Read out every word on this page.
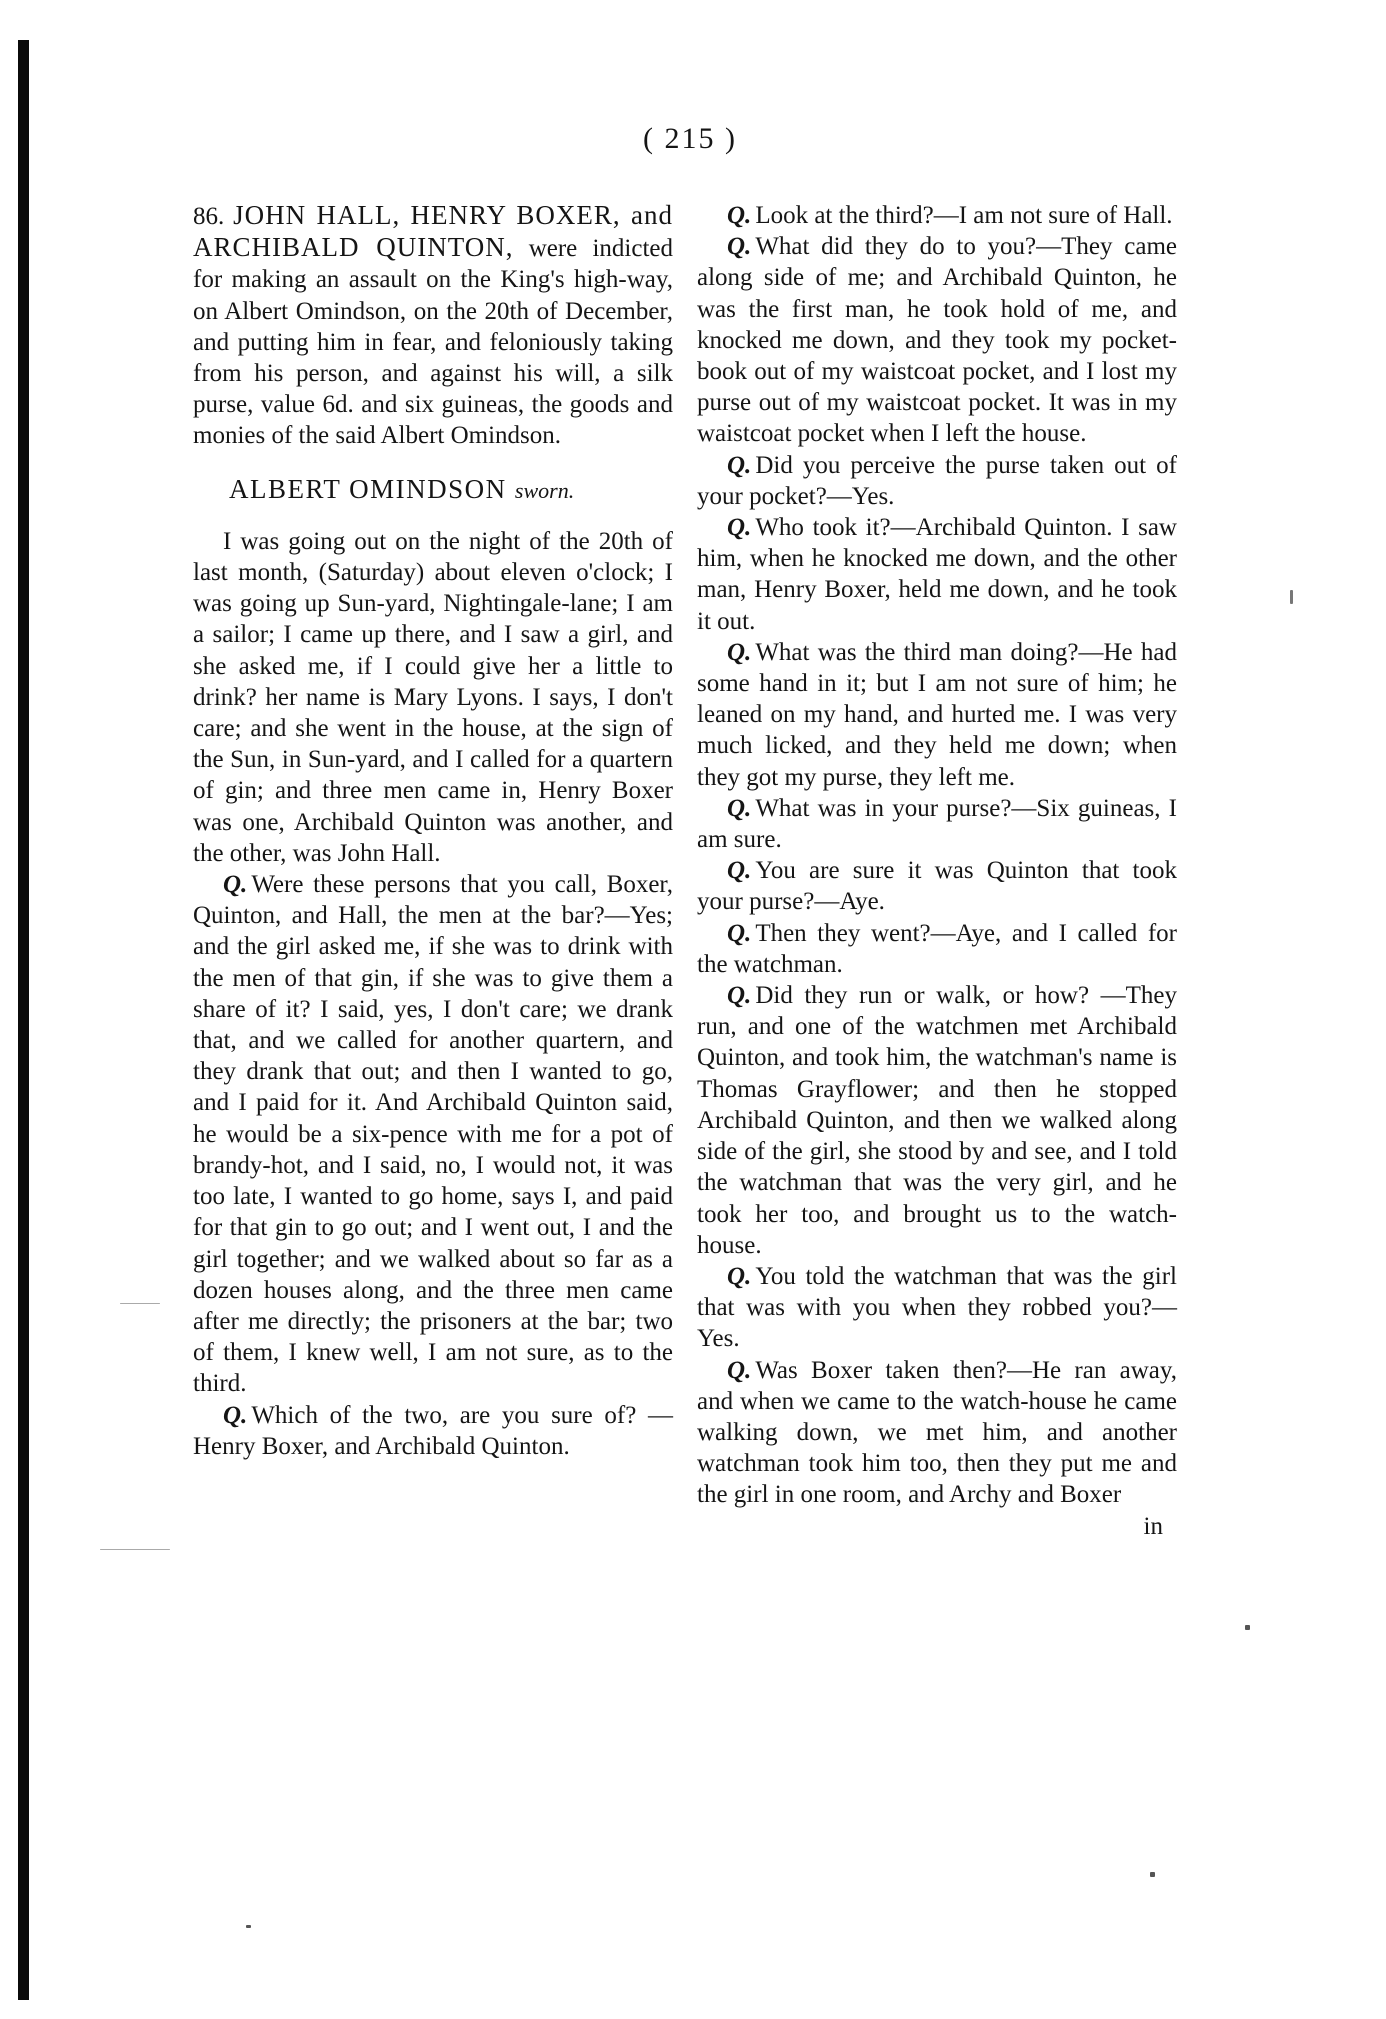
( 215 )

86. JOHN HALL, HENRY BOXER, and ARCHIBALD QUINTON, were indicted for making an assault on the King's high-way, on Albert Omindson, on the 20th of December, and putting him in fear, and feloniously taking from his person, and against his will, a silk purse, value 6d. and six guineas, the goods and monies of the said Albert Omindson.

ALBERT OMINDSON sworn.

I was going out on the night of the 20th of last month, (Saturday) about eleven o'clock; I was going up Sun-yard, Nightingale-lane; I am a sailor; I came up there, and I saw a girl, and she asked me, if I could give her a little to drink? her name is Mary Lyons. I says, I don't care; and she went in the house, at the sign of the Sun, in Sun-yard, and I called for a quartern of gin; and three men came in, Henry Boxer was one, Archibald Quinton was another, and the other, was John Hall.

Q. Were these persons that you call, Boxer, Quinton, and Hall, the men at the bar?—Yes; and the girl asked me, if she was to drink with the men of that gin, if she was to give them a share of it? I said, yes, I don't care; we drank that, and we called for another quartern, and they drank that out; and then I wanted to go, and I paid for it. And Archibald Quinton said, he would be a six-pence with me for a pot of brandy-hot, and I said, no, I would not, it was too late, I wanted to go home, says I, and paid for that gin to go out; and I went out, I and the girl together; and we walked about so far as a dozen houses along, and the three men came after me directly; the prisoners at the bar; two of them, I knew well, I am not sure, as to the third.

Q. Which of the two, are you sure of? —Henry Boxer, and Archibald Quinton.

Q. Look at the third?—I am not sure of Hall.

Q. What did they do to you?—They came along side of me; and Archibald Quinton, he was the first man, he took hold of me, and knocked me down, and they took my pocket-book out of my waistcoat pocket, and I lost my purse out of my waistcoat pocket. It was in my waistcoat pocket when I left the house.

Q. Did you perceive the purse taken out of your pocket?—Yes.

Q. Who took it?—Archibald Quinton. I saw him, when he knocked me down, and the other man, Henry Boxer, held me down, and he took it out.

Q. What was the third man doing?—He had some hand in it; but I am not sure of him; he leaned on my hand, and hurted me. I was very much licked, and they held me down; when they got my purse, they left me.

Q. What was in your purse?—Six guineas, I am sure.

Q. You are sure it was Quinton that took your purse?—Aye.

Q. Then they went?—Aye, and I called for the watchman.

Q. Did they run or walk, or how? —They run, and one of the watchmen met Archibald Quinton, and took him, the watchman's name is Thomas Grayflower; and then he stopped Archibald Quinton, and then we walked along side of the girl, she stood by and see, and I told the watchman that was the very girl, and he took her too, and brought us to the watch-house.

Q. You told the watchman that was the girl that was with you when they robbed you?—Yes.

Q. Was Boxer taken then?—He ran away, and when we came to the watch-house he came walking down, we met him, and another watchman took him too, then they put me and the girl in one room, and Archy and Boxer

in
